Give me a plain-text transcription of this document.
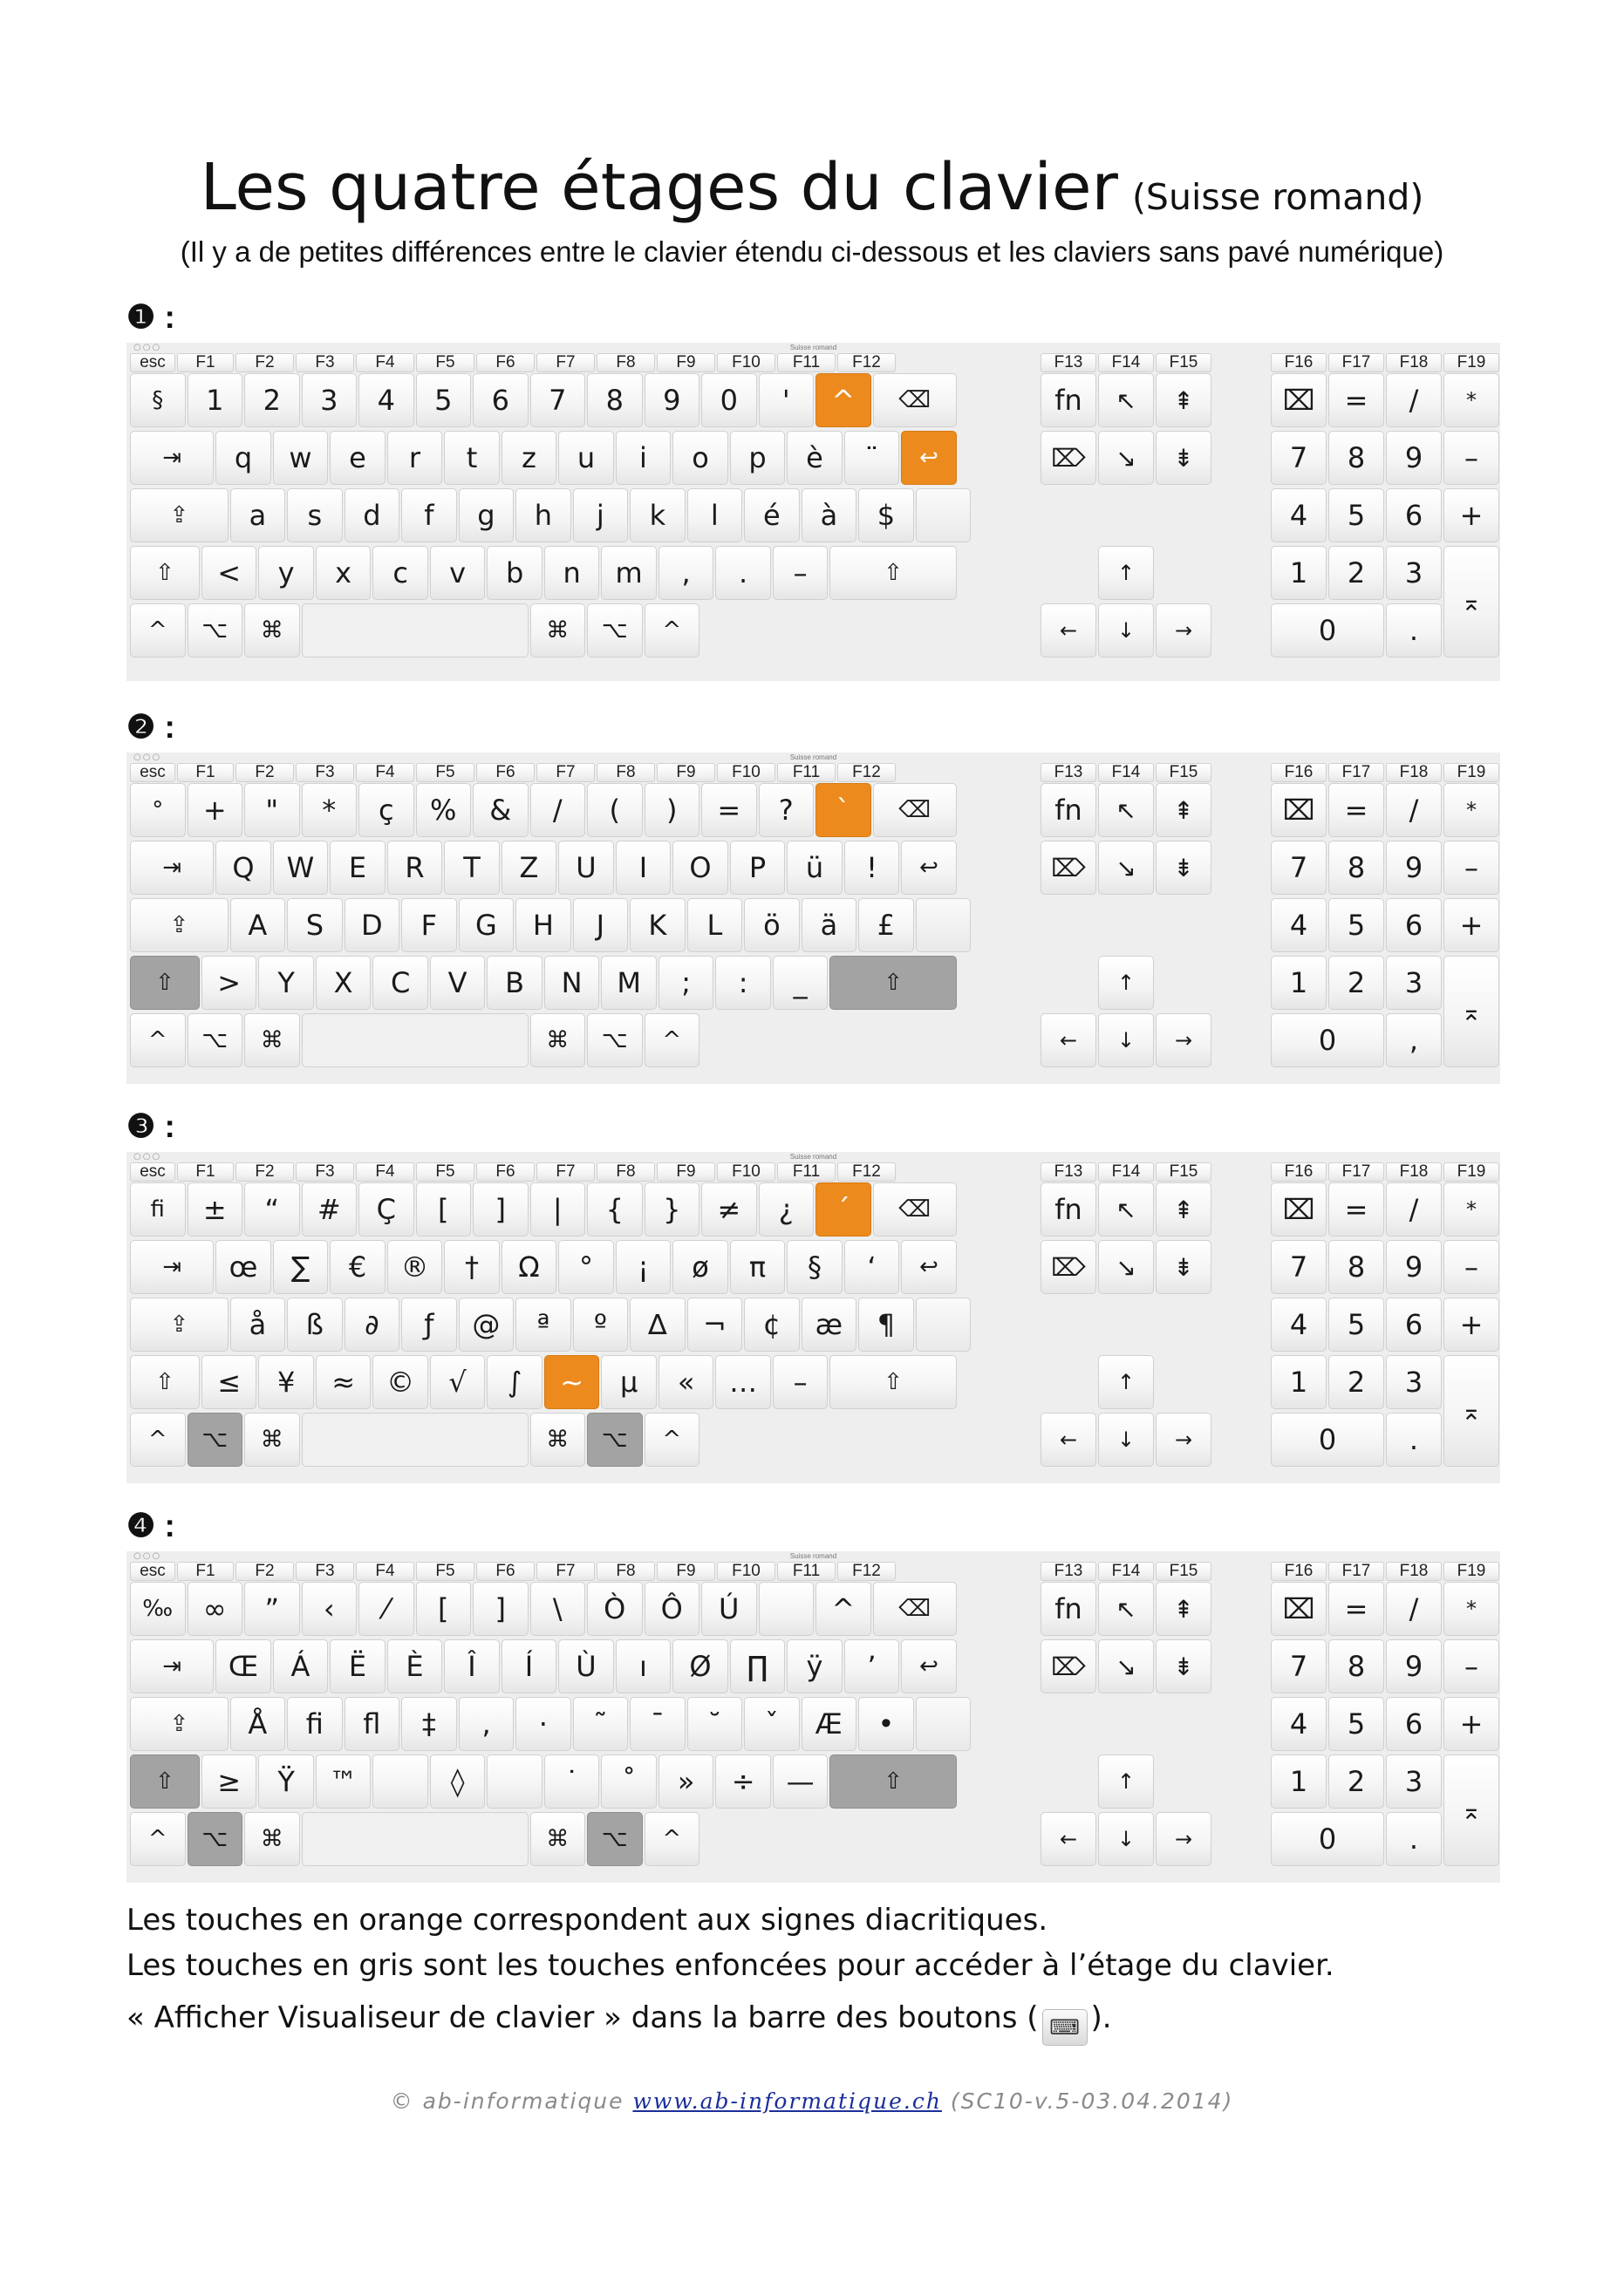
Les quatre étages du clavier (Suisse romand)
(Il y a de petites différences entre le clavier étendu ci-dessous et les claviers sans pavé numérique)
❶ :
○○○	Suisse romand
esc	F1	F2	F3	F4	F5	F6	F7	F8	F9	F10	F11	F12	F13	F14	F15	F16	F17	F18	F19
§	1	2	3	4	5	6	7	8	9	0	'	^	⌫
⇥	q	w	e	r	t	z	u	i	o	p	è	¨	↩
⇪	a	s	d	f	g	h	j	k	l	é	à	$
⇧	<	y	x	c	v	b	n	m	,	.	–	⇧
^	⌥	⌘	⌘	⌥	^
fn	↖	⇞
⌦	↘	⇟
↑
←	↓	→
⌧	=	/	*
7	8	9	–
4	5	6	+
1	2	3
⌅
0	.
❷ :
○○○	Suisse romand
esc	F1	F2	F3	F4	F5	F6	F7	F8	F9	F10	F11	F12	F13	F14	F15	F16	F17	F18	F19
°	+	"	*	ç	%	&	/	(	)	=	?	`	⌫
⇥	Q	W	E	R	T	Z	U	I	O	P	ü	!	↩
⇪	A	S	D	F	G	H	J	K	L	ö	ä	£
⇧	>	Y	X	C	V	B	N	M	;	:	_	⇧
^	⌥	⌘	⌘	⌥	^
fn	↖	⇞
⌦	↘	⇟
↑
←	↓	→
⌧	=	/	*
7	8	9	–
4	5	6	+
1	2	3
⌅
0	,
❸ :
○○○	Suisse romand
esc	F1	F2	F3	F4	F5	F6	F7	F8	F9	F10	F11	F12	F13	F14	F15	F16	F17	F18	F19
ﬁ	±	“	#	Ç	[	]	|	{	}	≠	¿	´	⌫
⇥	œ	∑	€	®	†	Ω	°	¡	ø	π	§	‘	↩
⇪	å	ß	∂	ƒ	@	ª	º	∆	¬	¢	æ	¶
⇧	≤	¥	≈	©	√	∫	~	µ	«	…	–	⇧
^	⌥	⌘	⌘	⌥	^
fn	↖	⇞
⌦	↘	⇟
↑
←	↓	→
⌧	=	/	*
7	8	9	–
4	5	6	+
1	2	3
⌅
0	.
❹ :
○○○	Suisse romand
esc	F1	F2	F3	F4	F5	F6	F7	F8	F9	F10	F11	F12	F13	F14	F15	F16	F17	F18	F19
‰	∞	”	‹	⁄	[	]	\	Ò	Ô	Ú	^	⌫
⇥	Œ	Á	Ë	È	Î	Í	Ù	ı	Ø	∏	ÿ	’	↩
⇪	Å	ﬁ	ﬂ	‡	‚	·	˜	¯	˘	ˇ	Æ	•
⇧	≥	Ÿ	™	◊	˙	˚	»	÷	—	⇧
^	⌥	⌘	⌘	⌥	^
fn	↖	⇞
⌦	↘	⇟
↑
←	↓	→
⌧	=	/	*
7	8	9	–
4	5	6	+
1	2	3
⌅
0	.
Les touches en orange correspondent aux signes diacritiques.
Les touches en gris sont les touches enfoncées pour accéder à l’étage du clavier.
« Afficher Visualiseur de clavier » dans la barre des boutons ( ⌨ ).
© ab-informatique www.ab-informatique.ch (SC10-v.5-03.04.2014)
